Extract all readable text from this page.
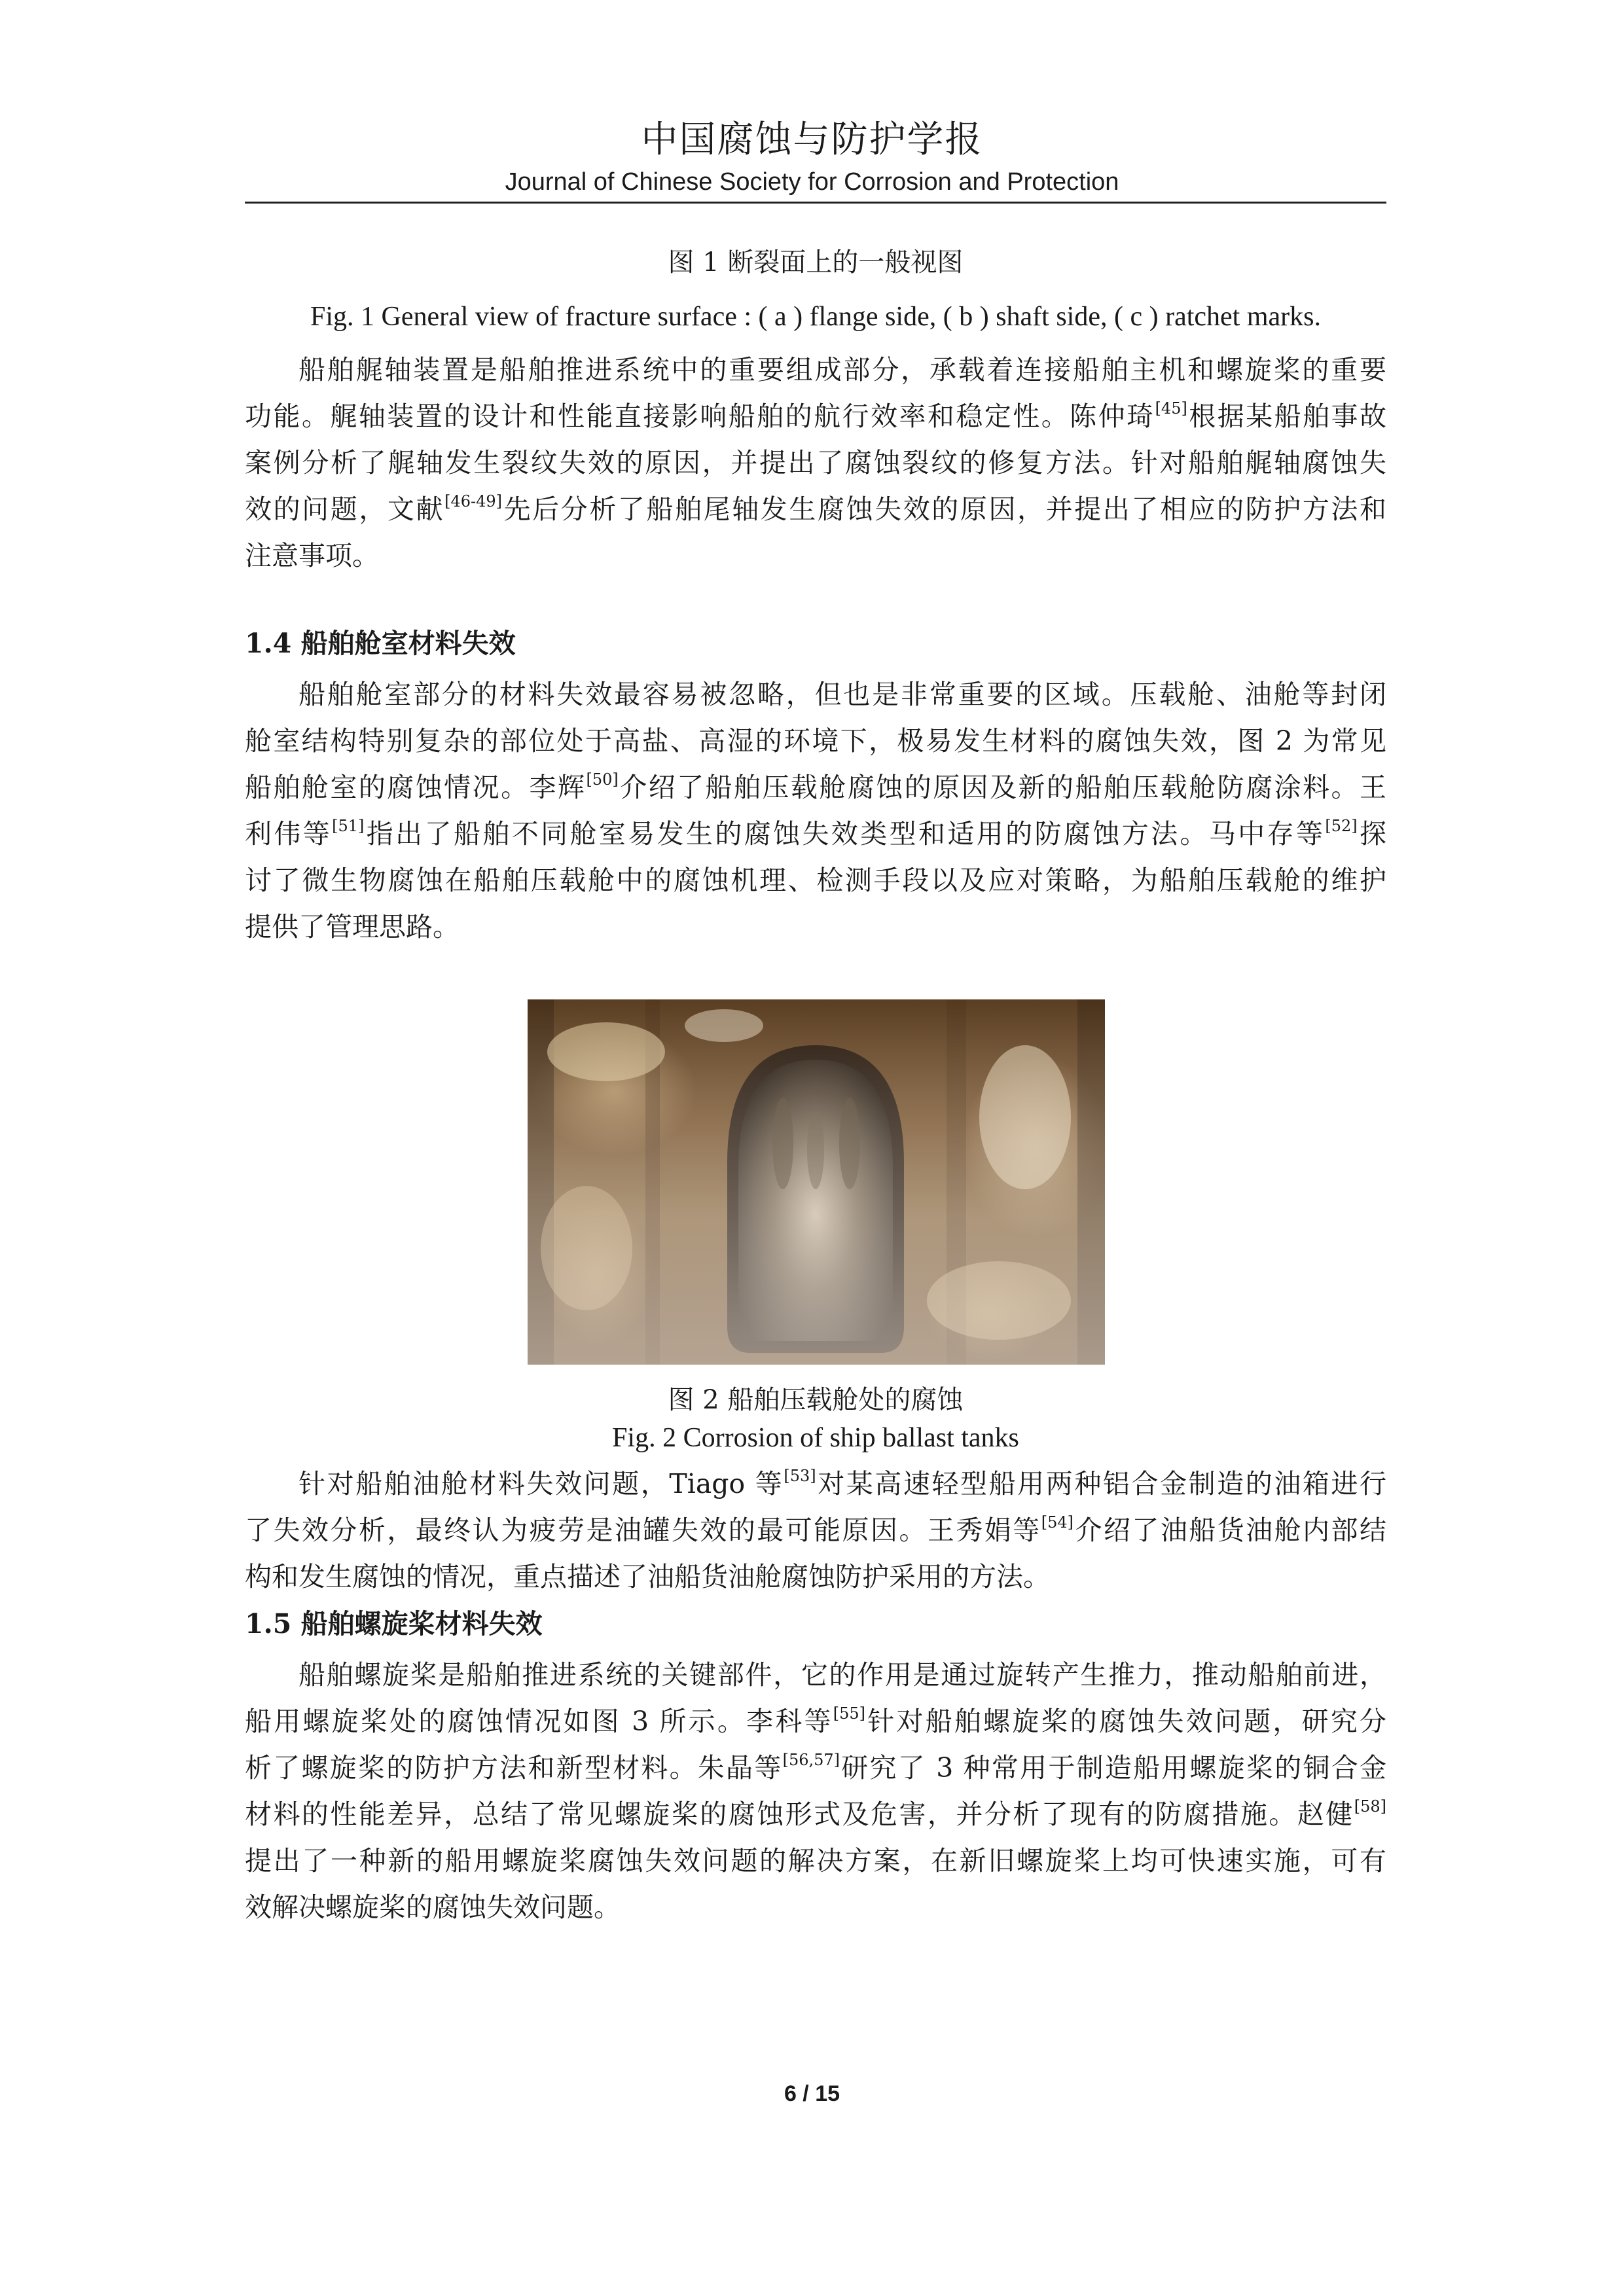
中国腐蚀与防护学报
Journal of Chinese Society for Corrosion and Protection
图 1 断裂面上的一般视图
Fig. 1 General view of fracture surface : ( a ) flange side, ( b ) shaft side, ( c ) ratchet marks.
船舶艉轴装置是船舶推进系统中的重要组成部分，承载着连接船舶主机和螺旋桨的重要
功能。艉轴装置的设计和性能直接影响船舶的航行效率和稳定性。陈仲琦[45]根据某船舶事故
案例分析了艉轴发生裂纹失效的原因，并提出了腐蚀裂纹的修复方法。针对船舶艉轴腐蚀失
效的问题，文献[46-49]先后分析了船舶尾轴发生腐蚀失效的原因，并提出了相应的防护方法和
注意事项。
1.4 船舶舱室材料失效
船舶舱室部分的材料失效最容易被忽略，但也是非常重要的区域。压载舱、油舱等封闭
舱室结构特别复杂的部位处于高盐、高湿的环境下，极易发生材料的腐蚀失效，图 2 为常见
船舶舱室的腐蚀情况。李辉[50]介绍了船舶压载舱腐蚀的原因及新的船舶压载舱防腐涂料。王
利伟等[51]指出了船舶不同舱室易发生的腐蚀失效类型和适用的防腐蚀方法。马中存等[52]探
讨了微生物腐蚀在船舶压载舱中的腐蚀机理、检测手段以及应对策略，为船舶压载舱的维护
提供了管理思路。
图 2 船舶压载舱处的腐蚀
Fig. 2 Corrosion of ship ballast tanks
针对船舶油舱材料失效问题，Tiago 等[53]对某高速轻型船用两种铝合金制造的油箱进行
了失效分析，最终认为疲劳是油罐失效的最可能原因。王秀娟等[54]介绍了油船货油舱内部结
构和发生腐蚀的情况，重点描述了油船货油舱腐蚀防护采用的方法。
1.5 船舶螺旋桨材料失效
船舶螺旋桨是船舶推进系统的关键部件，它的作用是通过旋转产生推力，推动船舶前进，
船用螺旋桨处的腐蚀情况如图 3 所示。李科等[55]针对船舶螺旋桨的腐蚀失效问题，研究分
析了螺旋桨的防护方法和新型材料。朱晶等[56,57]研究了 3 种常用于制造船用螺旋桨的铜合金
材料的性能差异，总结了常见螺旋桨的腐蚀形式及危害，并分析了现有的防腐措施。赵健[58]
提出了一种新的船用螺旋桨腐蚀失效问题的解决方案，在新旧螺旋桨上均可快速实施，可有
效解决螺旋桨的腐蚀失效问题。
6 / 15
